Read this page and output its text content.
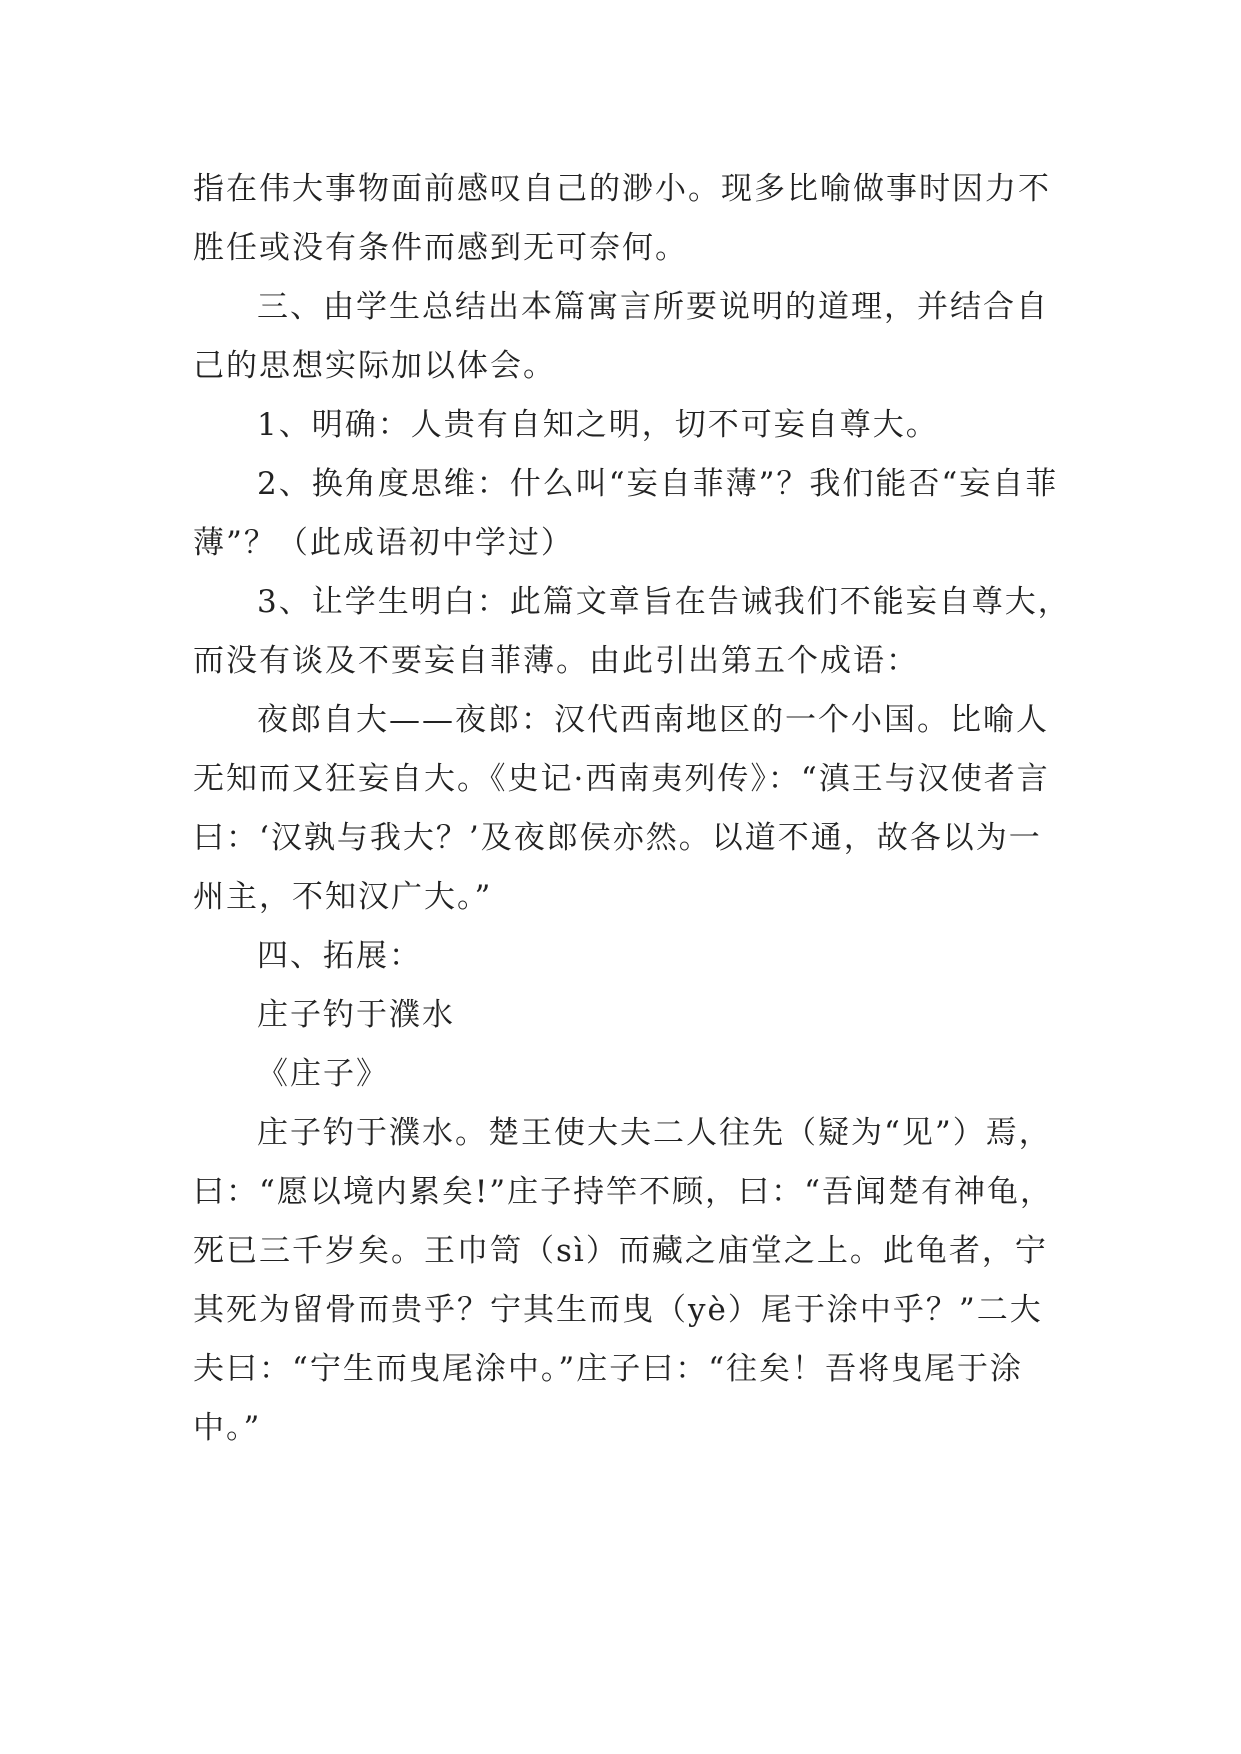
指在伟大事物面前感叹自己的渺小。现多比喻做事时因力不胜任或没有条件而感到无可奈何。

三、由学生总结出本篇寓言所要说明的道理，并结合自己的思想实际加以体会。

1、明确：人贵有自知之明，切不可妄自尊大。

2、换角度思维：什么叫“妄自菲薄”？我们能否“妄自菲薄”？（此成语初中学过）

3、让学生明白：此篇文章旨在告诫我们不能妄自尊大，而没有谈及不要妄自菲薄。由此引出第五个成语：

夜郎自大——夜郎：汉代西南地区的一个小国。比喻人无知而又狂妄自大。《史记·西南夷列传》：“滇王与汉使者言曰：‘汉孰与我大？’及夜郎侯亦然。以道不通，故各以为一州主，不知汉广大。”

四、拓展：

庄子钓于濮水

《庄子》

庄子钓于濮水。楚王使大夫二人往先（疑为“见”）焉，曰：“愿以境内累矣!”庄子持竿不顾，曰：“吾闻楚有神龟，死已三千岁矣。王巾笥（sì）而藏之庙堂之上。此龟者，宁其死为留骨而贵乎？宁其生而曳（yè）尾于涂中乎？”二大夫曰：“宁生而曳尾涂中。”庄子曰：“往矣！吾将曳尾于涂中。”
